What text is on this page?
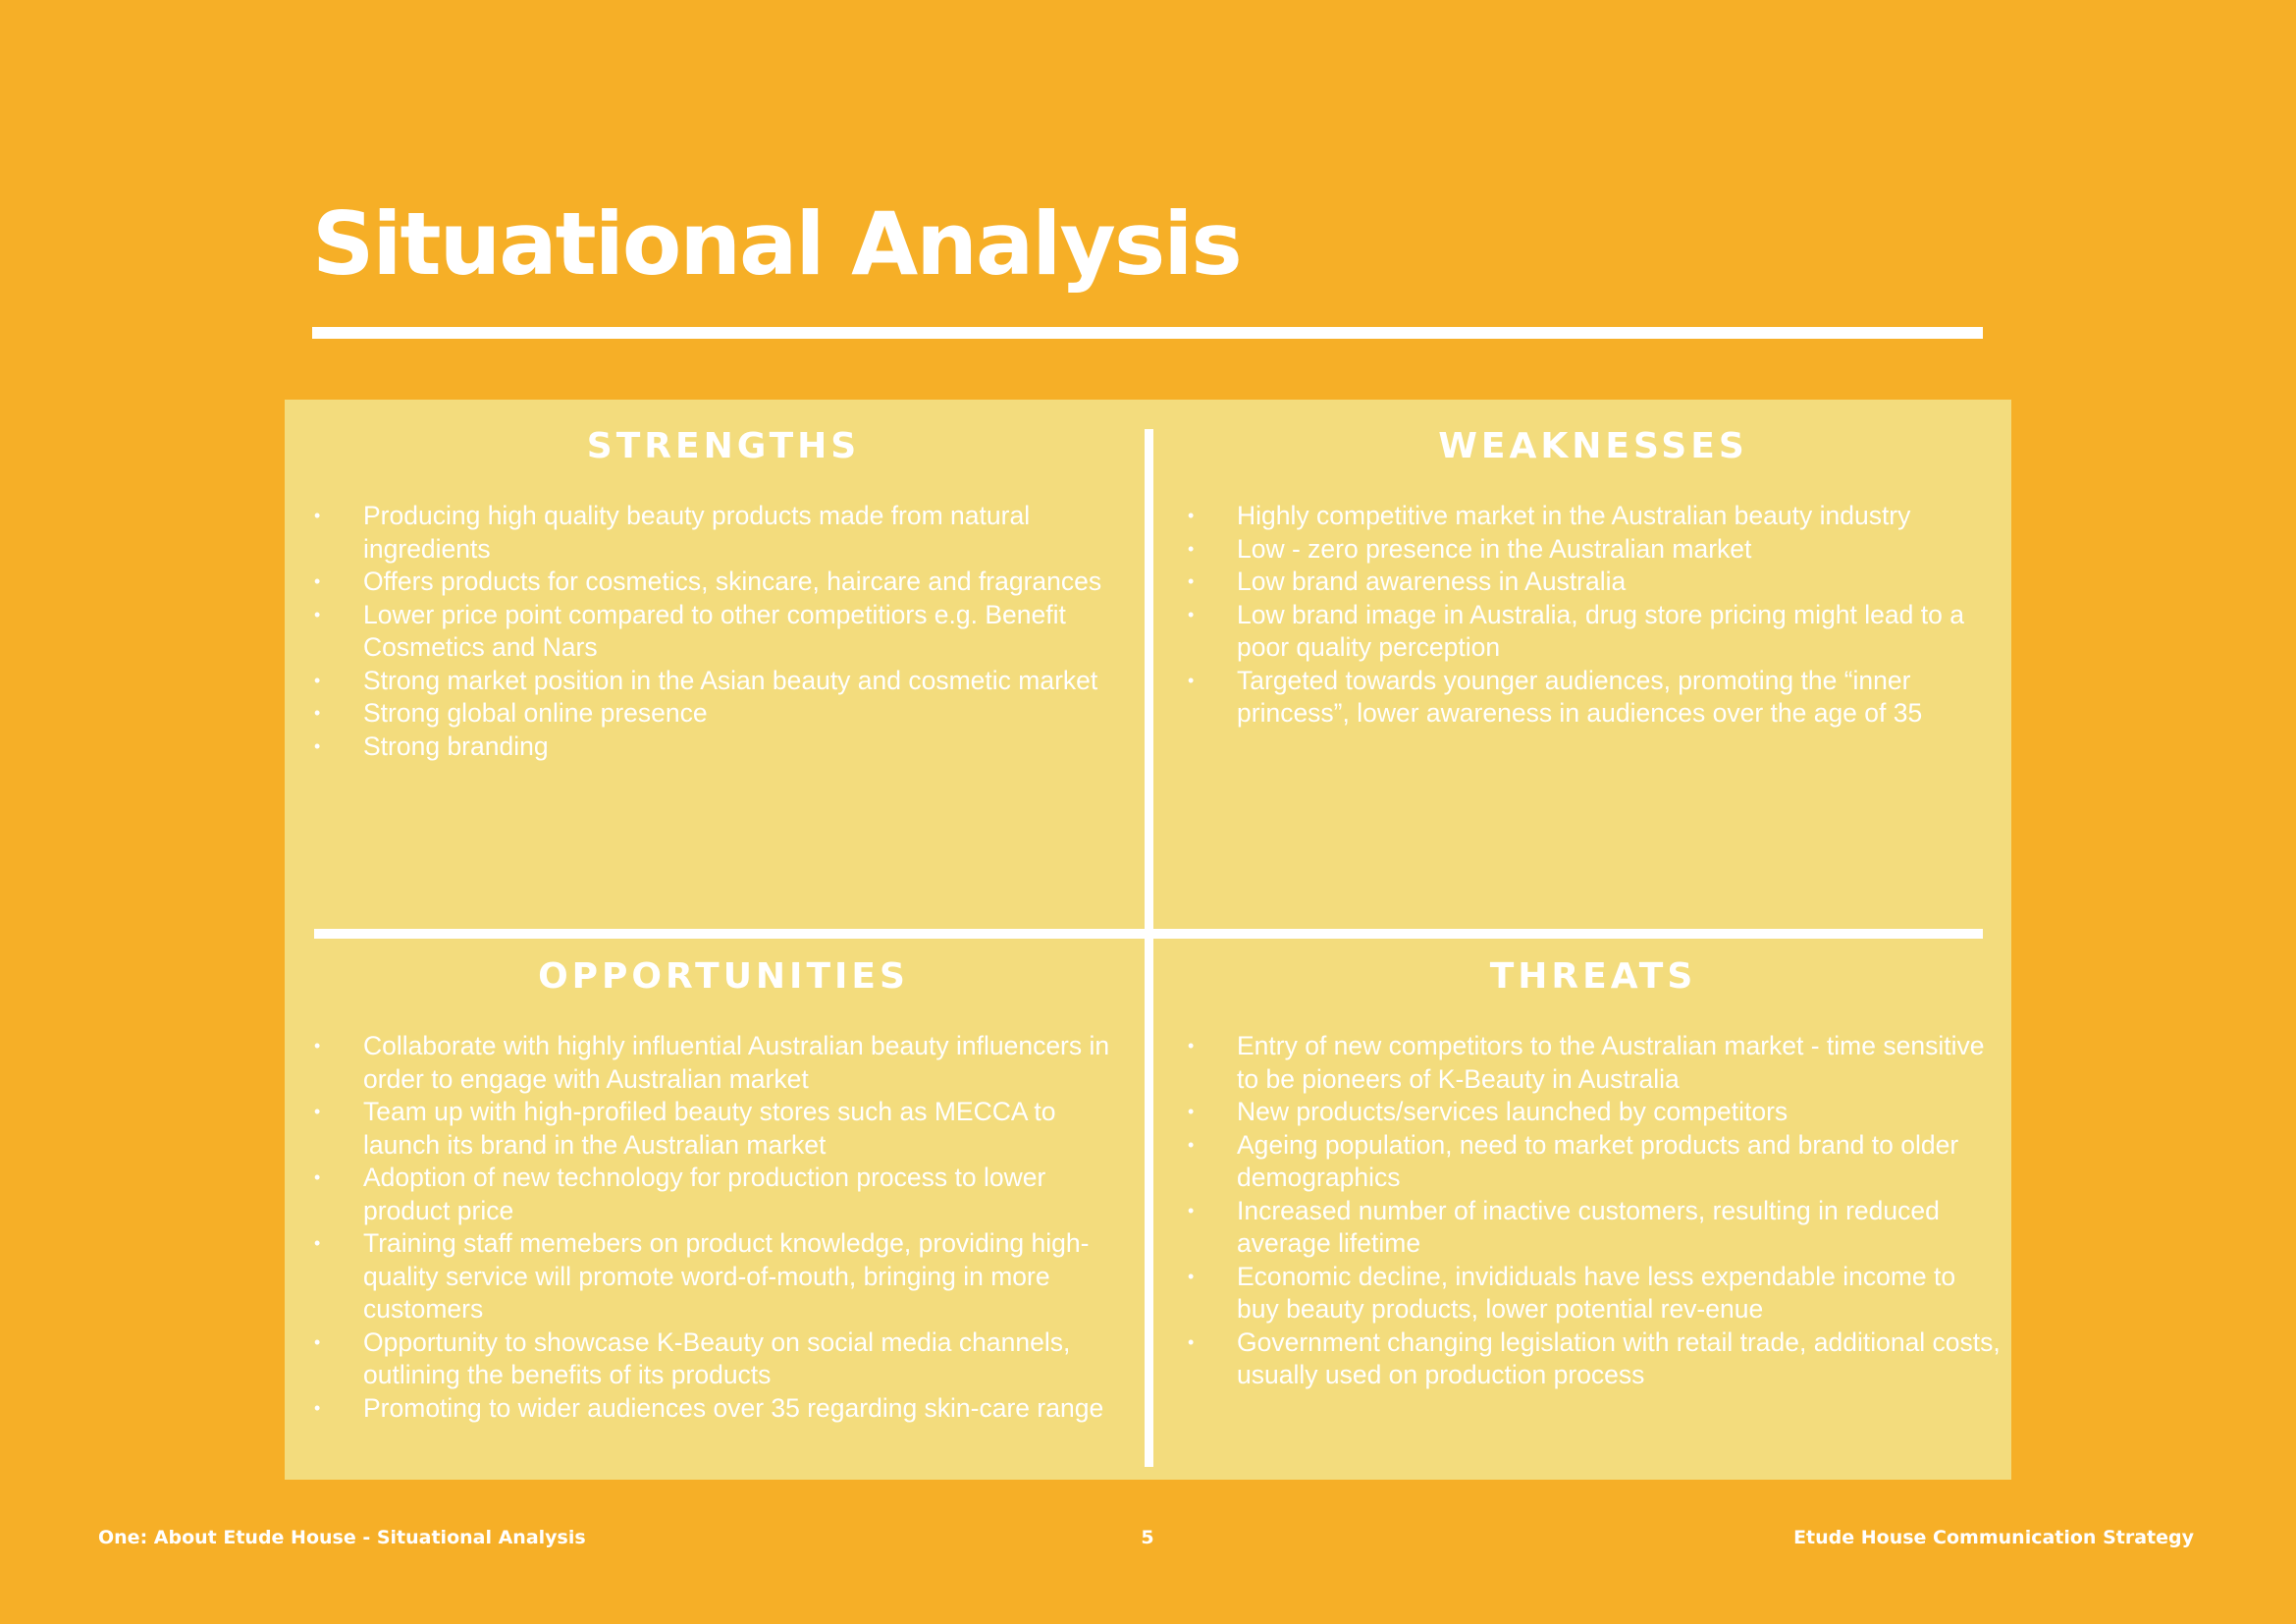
Situational Analysis
STRENGTHS
• Producing high quality beauty products made from natural ingredients
• Offers products for cosmetics, skincare, haircare and fragrances
• Lower price point compared to other competitiors e.g. Benefit Cosmetics and Nars
• Strong market position in the Asian beauty and cosmetic market
• Strong global online presence
• Strong branding
WEAKNESSES
• Highly competitive market in the Australian beauty industry
• Low - zero presence in the Australian market
• Low brand awareness in Australia
• Low brand image in Australia, drug store pricing might lead to a poor quality perception
• Targeted towards younger audiences, promoting the “inner princess”, lower awareness in audiences over the age of 35
OPPORTUNITIES
• Collaborate with highly influential Australian beauty influencers in order to engage with Australian market
• Team up with high-profiled beauty stores such as MECCA to launch its brand in the Australian market
• Adoption of new technology for production process to lower product price
• Training staff memebers on product knowledge, providing high-quality service will promote word-of-mouth, bringing in more customers
• Opportunity to showcase K-Beauty on social media channels, outlining the benefits of its products
• Promoting to wider audiences over 35 regarding skin-care range
THREATS
• Entry of new competitors to the Australian market - time sensitive to be pioneers of K-Beauty in Australia
• New products/services launched by competitors
• Ageing population, need to market products and brand to older demographics
• Increased number of inactive customers, resulting in reduced average lifetime
• Economic decline, invididuals have less expendable income to buy beauty products, lower potential rev-enue
• Government changing legislation with retail trade, additional costs, usually used on production process
One: About Etude House - Situational Analysis	5	Etude House Communication Strategy
